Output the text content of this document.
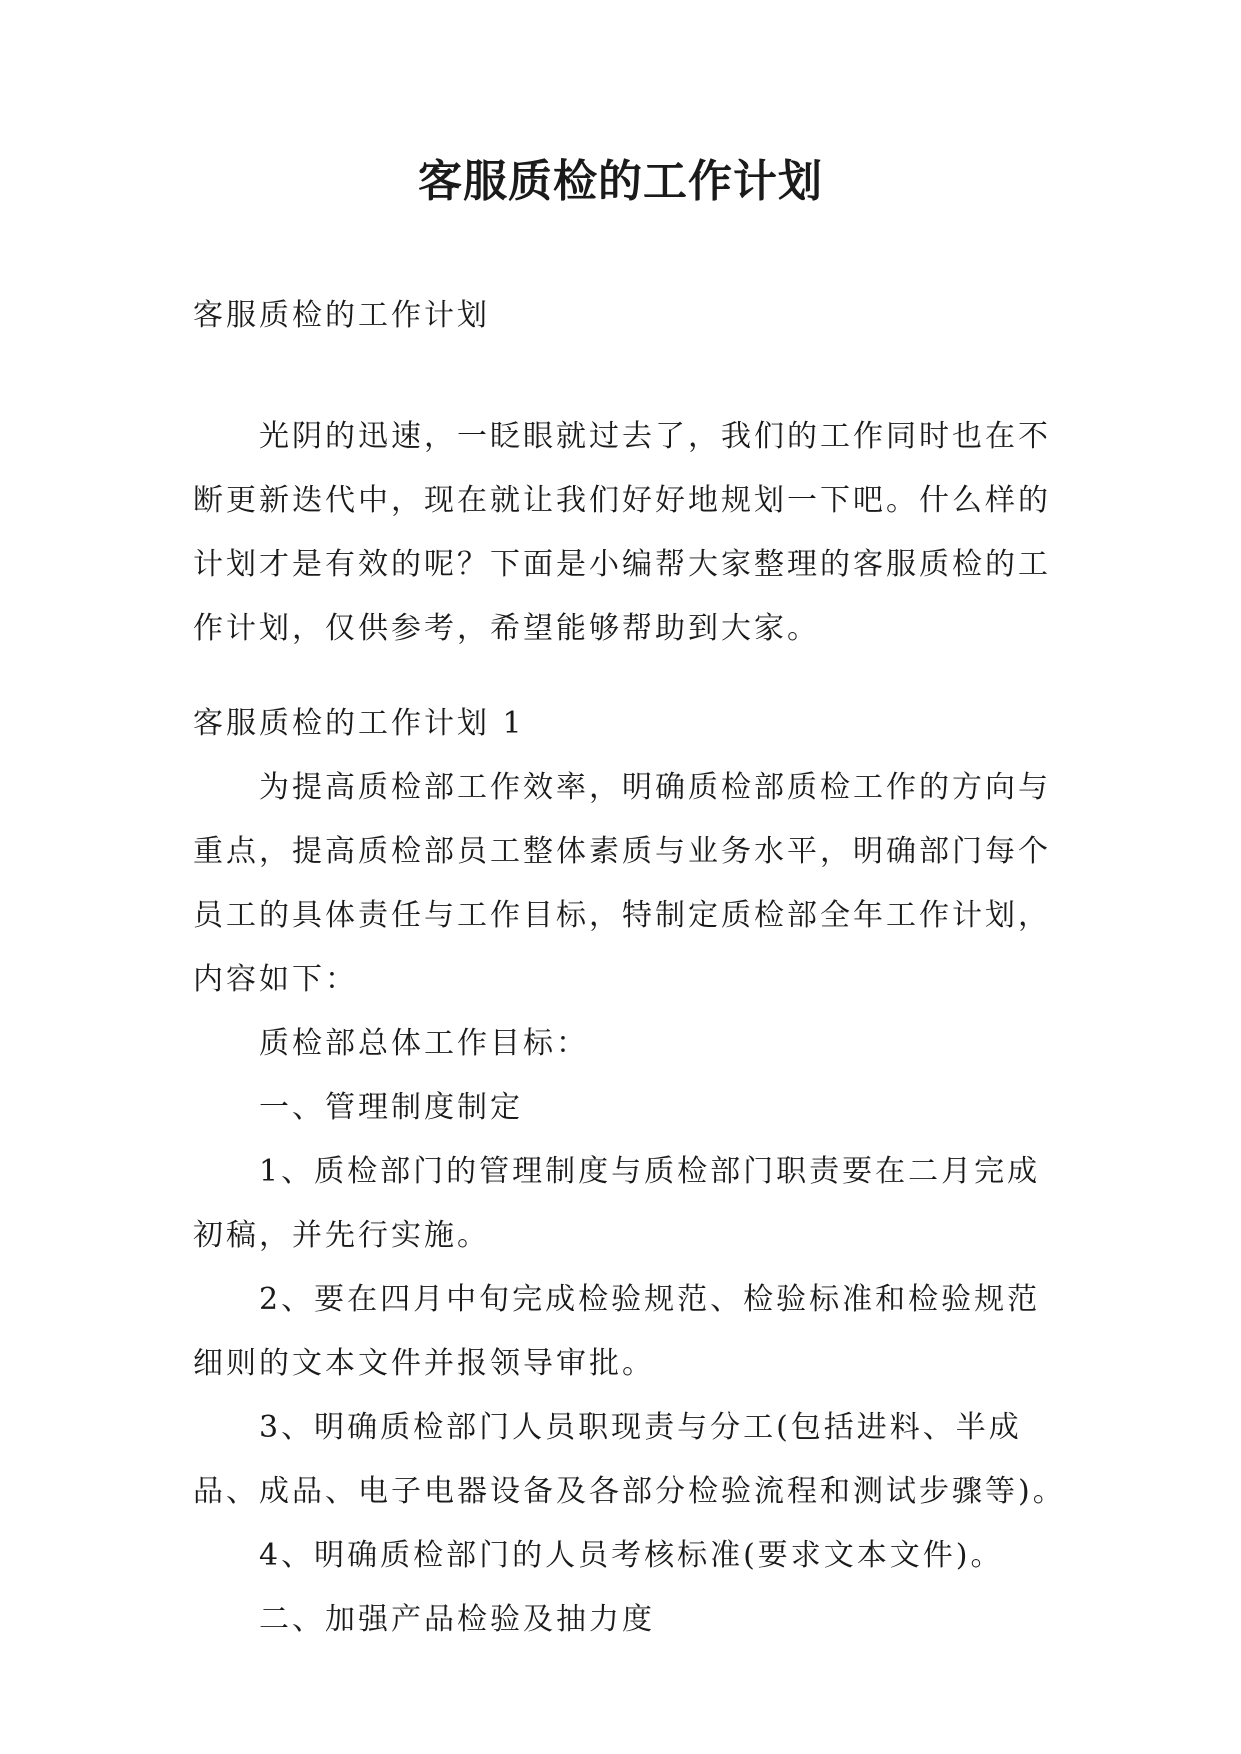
客服质检的工作计划

客服质检的工作计划

光阴的迅速，一眨眼就过去了，我们的工作同时也在不断更新迭代中，现在就让我们好好地规划一下吧。什么样的计划才是有效的呢？下面是小编帮大家整理的客服质检的工作计划，仅供参考，希望能够帮助到大家。

客服质检的工作计划 1

为提高质检部工作效率，明确质检部质检工作的方向与重点，提高质检部员工整体素质与业务水平，明确部门每个员工的具体责任与工作目标，特制定质检部全年工作计划，内容如下：

质检部总体工作目标：

一、管理制度制定

1、质检部门的管理制度与质检部门职责要在二月完成初稿，并先行实施。

2、要在四月中旬完成检验规范、检验标准和检验规范细则的文本文件并报领导审批。

3、明确质检部门人员职现责与分工(包括进料、半成品、成品、电子电器设备及各部分检验流程和测试步骤等)。

4、明确质检部门的人员考核标准(要求文本文件)。

二、加强产品检验及抽力度
